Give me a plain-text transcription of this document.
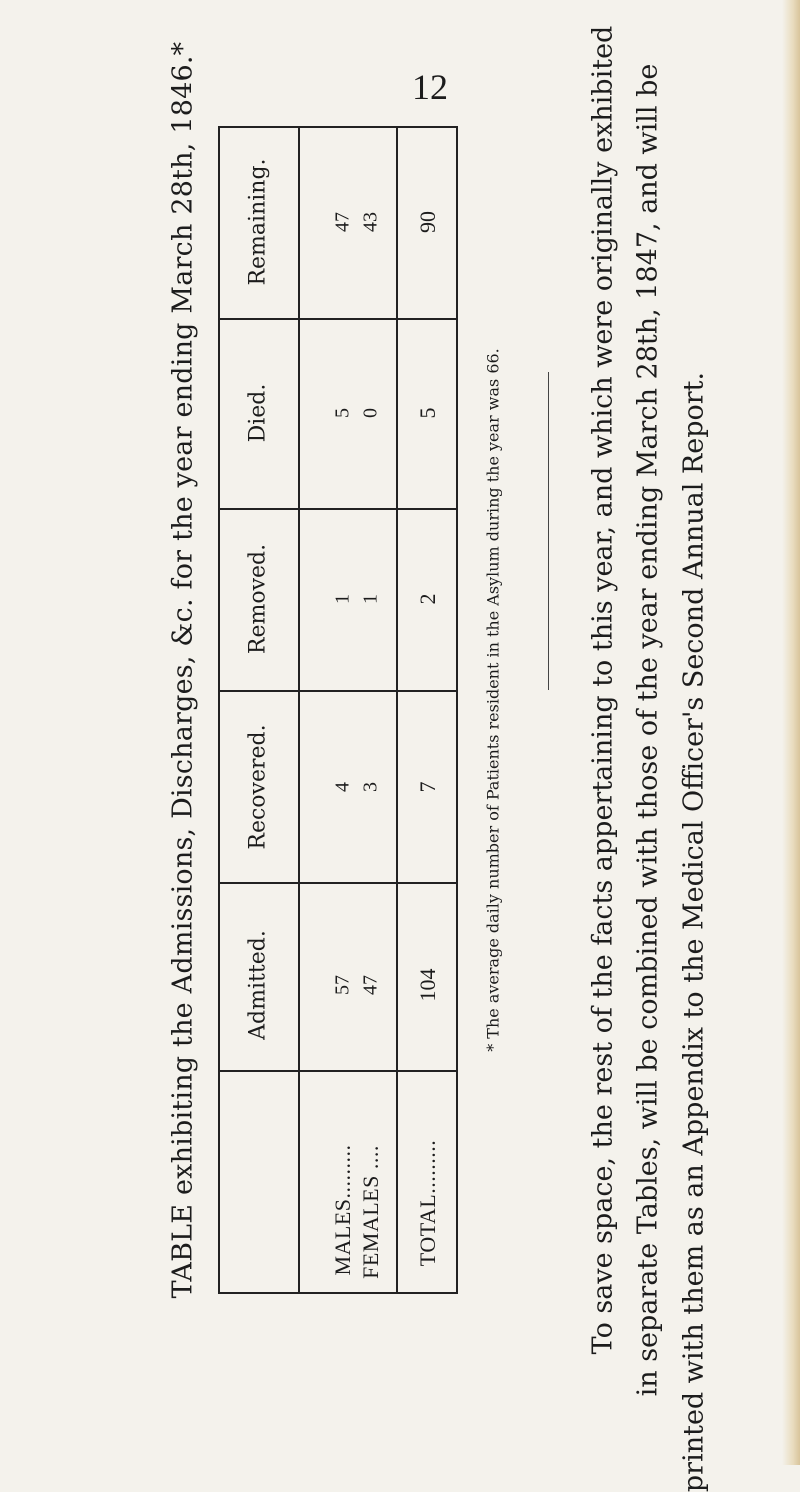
12
TABLE exhibiting the Admissions, Discharges, &c. for the year ending March 28th, 1846.* Admitted.
Recovered.
Removed.
Died.
Remaining.
MALES......... FEMALES .... TOTAL.........
57
4
1
5
47
47
3
1
0
43
104
7
2
5
90
* The average daily number of Patients resident in the Asylum during the year was 66.	To save space, the rest of the facts appertaining to this year, and which were originally exhibited in separate Tables, will be combined with those of the year ending March 28th, 1847, and will be printed with them as an Appendix to the Medical Officer's Second Annual Report.
